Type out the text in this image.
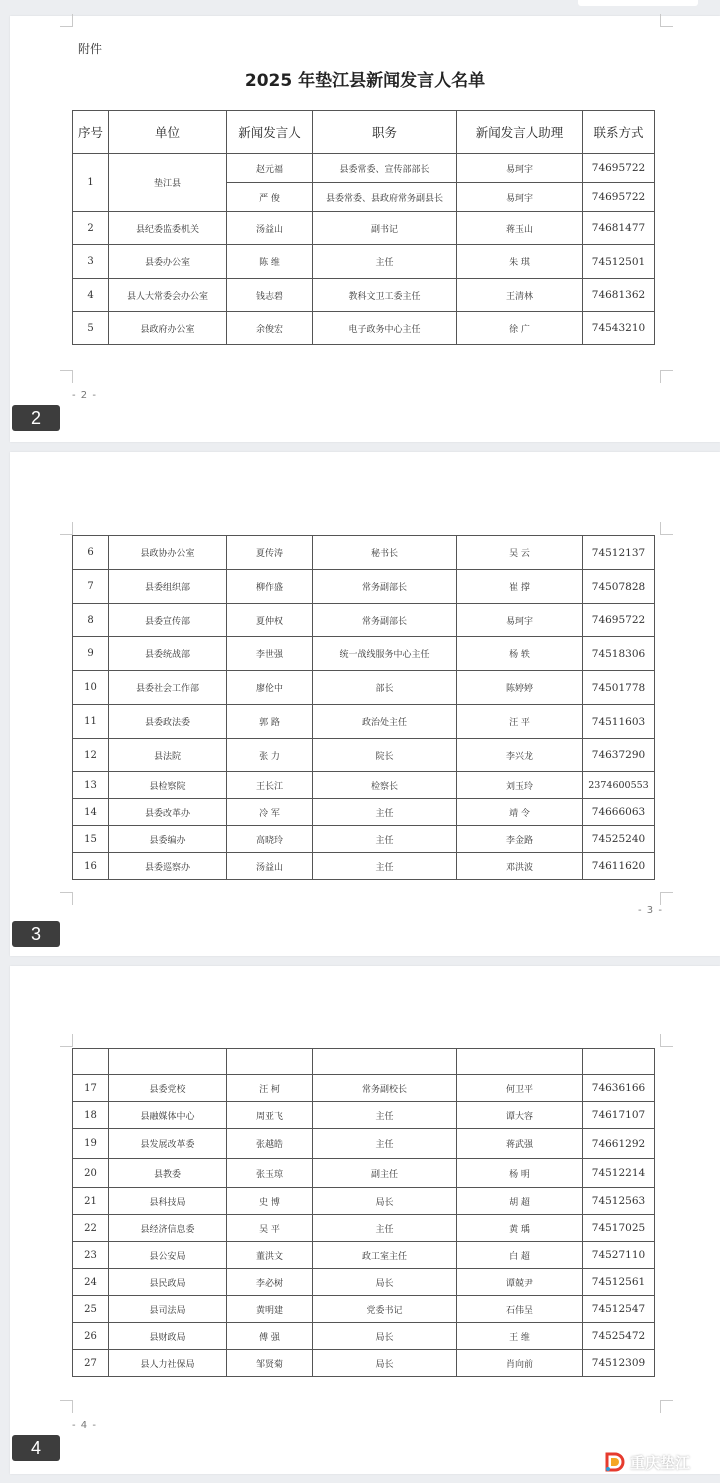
附件
2025 年垫江县新闻发言人名单
序号	单位	新闻发言人	职务	新闻发言人助理	联系方式
1	垫江县	赵元福	县委常委、宣传部部长	易珂宇	74695722
		严 俊	县委常委、县政府常务副县长	易珂宇	74695722
2	县纪委监委机关	汤益山	副书记	蒋玉山	74681477
3	县委办公室	陈 维	主任	朱 琪	74512501
4	县人大常委会办公室	钱志碧	教科文卫工委主任	王清林	74681362
5	县政府办公室	余俊宏	电子政务中心主任	徐 广	74543210
- 2 -
2
6	县政协办公室	夏传涛	秘书长	吴 云	74512137
7	县委组织部	柳作盛	常务副部长	崔 撑	74507828
8	县委宣传部	夏仲权	常务副部长	易珂宇	74695722
9	县委统战部	李世强	统一战线服务中心主任	杨 轶	74518306
10	县委社会工作部	廖伦中	部长	陈婷婷	74501778
11	县委政法委	郭 路	政治处主任	汪 平	74511603
12	县法院	张 力	院长	李兴龙	74637290
13	县检察院	王长江	检察长	刘玉玲	2374600553
14	县委改革办	冷 军	主任	靖 令	74666063
15	县委编办	高晓玲	主任	李金路	74525240
16	县委巡察办	汤益山	主任	邓洪波	74611620
- 3 -
3

17	县委党校	汪 柯	常务副校长	何卫平	74636166
18	县融媒体中心	周亚飞	主任	谭大容	74617107
19	县发展改革委	张越皓	主任	蒋武强	74661292
20	县教委	张玉琼	副主任	杨 明	74512214
21	县科技局	史 博	局长	胡 超	74512563
22	县经济信息委	吴 平	主任	黄 瑀	74517025
23	县公安局	董洪文	政工室主任	白 超	74527110
24	县民政局	李必树	局长	谭兢尹	74512561
25	县司法局	黄明建	党委书记	石伟呈	74512547
26	县财政局	傅 强	局长	王 维	74525472
27	县人力社保局	邹贤菊	局长	肖向前	74512309
- 4 -
4
重庆垫江
